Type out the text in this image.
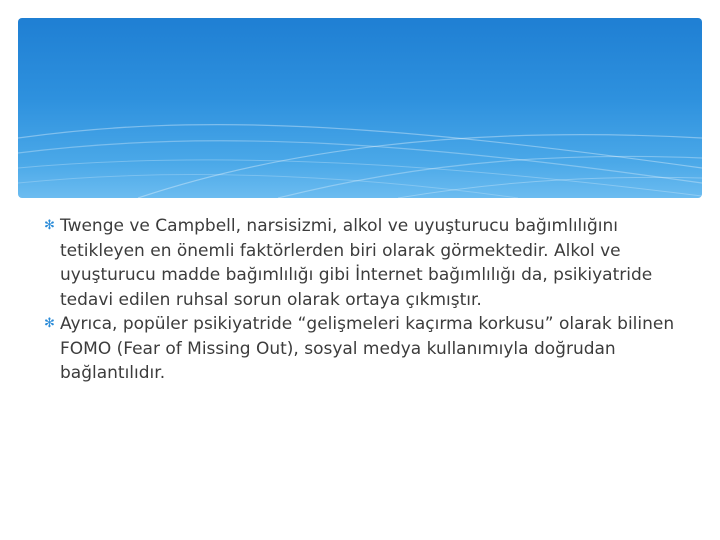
✻ Twenge ve Campbell, narsisizmi, alkol ve uyuşturucu bağımlılığını tetikleyen en önemli faktörlerden biri olarak görmektedir. Alkol ve uyuşturucu madde bağımlılığı gibi İnternet bağımlılığı da, psikiyatride tedavi edilen ruhsal sorun olarak ortaya çıkmıştır.
✻ Ayrıca, popüler psikiyatride “gelişmeleri kaçırma korkusu” olarak bilinen FOMO (Fear of Missing Out), sosyal medya kullanımıyla doğrudan bağlantılıdır.
